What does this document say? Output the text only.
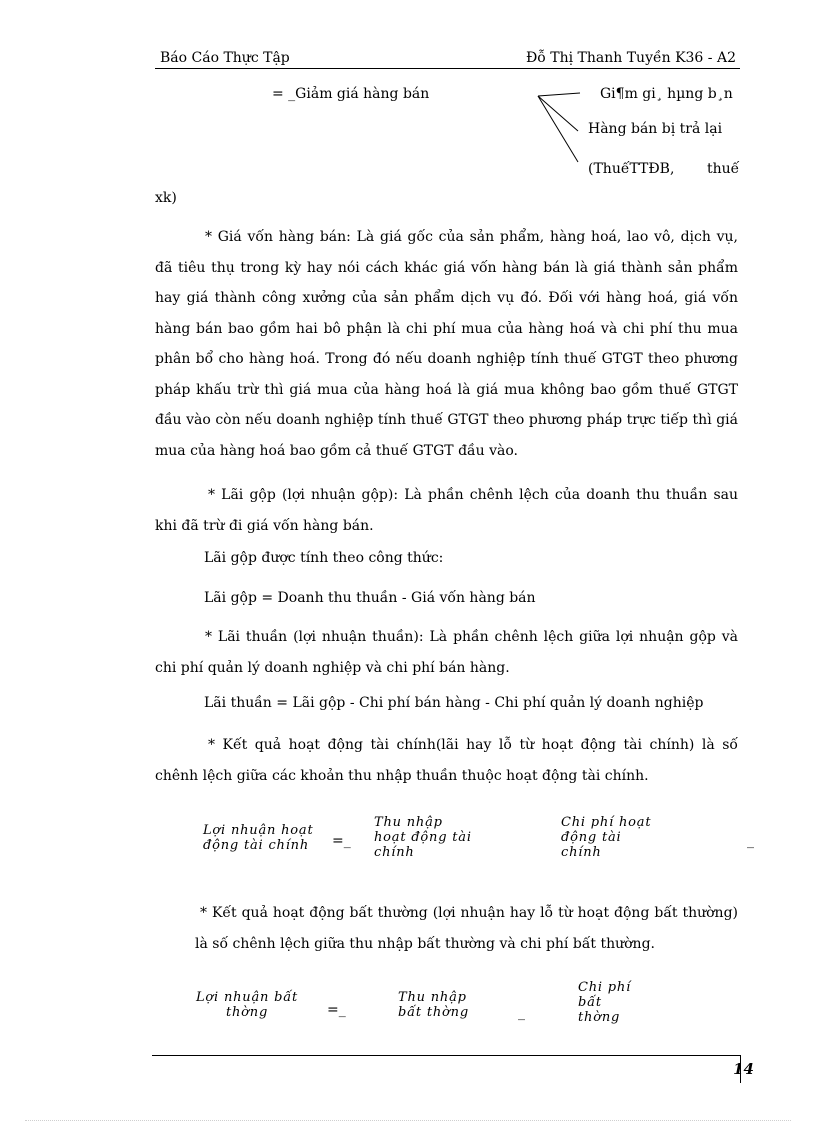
Báo Cáo Thực Tập	Đỗ Thị Thanh Tuyền K36 - A2
= _Giảm giá hàng bán	Gi¶m gi¸ hµng b¸n
Hàng bán bị trả lại
(ThuếTTĐB, thuế
xk)
* Giá vốn hàng bán: Là giá gốc của sản phẩm, hàng hoá, lao vô, dịch vụ, đã tiêu thụ trong kỳ hay nói cách khác giá vốn hàng bán là giá thành sản phẩm hay giá thành công xưởng của sản phẩm dịch vụ đó. Đối với hàng hoá, giá vốn hàng bán bao gồm hai bô phận là chi phí mua của hàng hoá và chi phí thu mua phân bổ cho hàng hoá. Trong đó nếu doanh nghiệp tính thuế GTGT theo phương pháp khấu trừ thì giá mua của hàng hoá là giá mua không bao gồm thuế GTGT đầu vào còn nếu doanh nghiệp tính thuế GTGT theo phương pháp trực tiếp thì giá mua của hàng hoá bao gồm cả thuế GTGT đầu vào.
* Lãi gộp (lợi nhuận gộp): Là phần chênh lệch của doanh thu thuần sau khi đã trừ đi giá vốn hàng bán.
Lãi gộp được tính theo công thức:
Lãi gộp = Doanh thu thuần - Giá vốn hàng bán
* Lãi thuần (lợi nhuận thuần): Là phần chênh lệch giữa lợi nhuận gộp và chi phí quản lý doanh nghiệp và chi phí bán hàng.
Lãi thuần = Lãi gộp - Chi phí bán hàng - Chi phí quản lý doanh nghiệp
* Kết quả hoạt động tài chính(lãi hay lỗ từ hoạt động tài chính) là số chênh lệch giữa các khoản thu nhập thuần thuộc hoạt động tài chính.
Lợi nhuận hoạt
động tài chính	=_
Thu nhập
hoạt động tài
chính
Chi phí hoạt
động tài
chính
_
* Kết quả hoạt động bất thường (lợi nhuận hay lỗ từ hoạt động bất thường) là số chênh lệch giữa thu nhập bất thường và chi phí bất thường.
Lợi nhuận bất
thờng	=_
Thu nhập
bất thờng	_
Chi phí
bất
thờng
14
